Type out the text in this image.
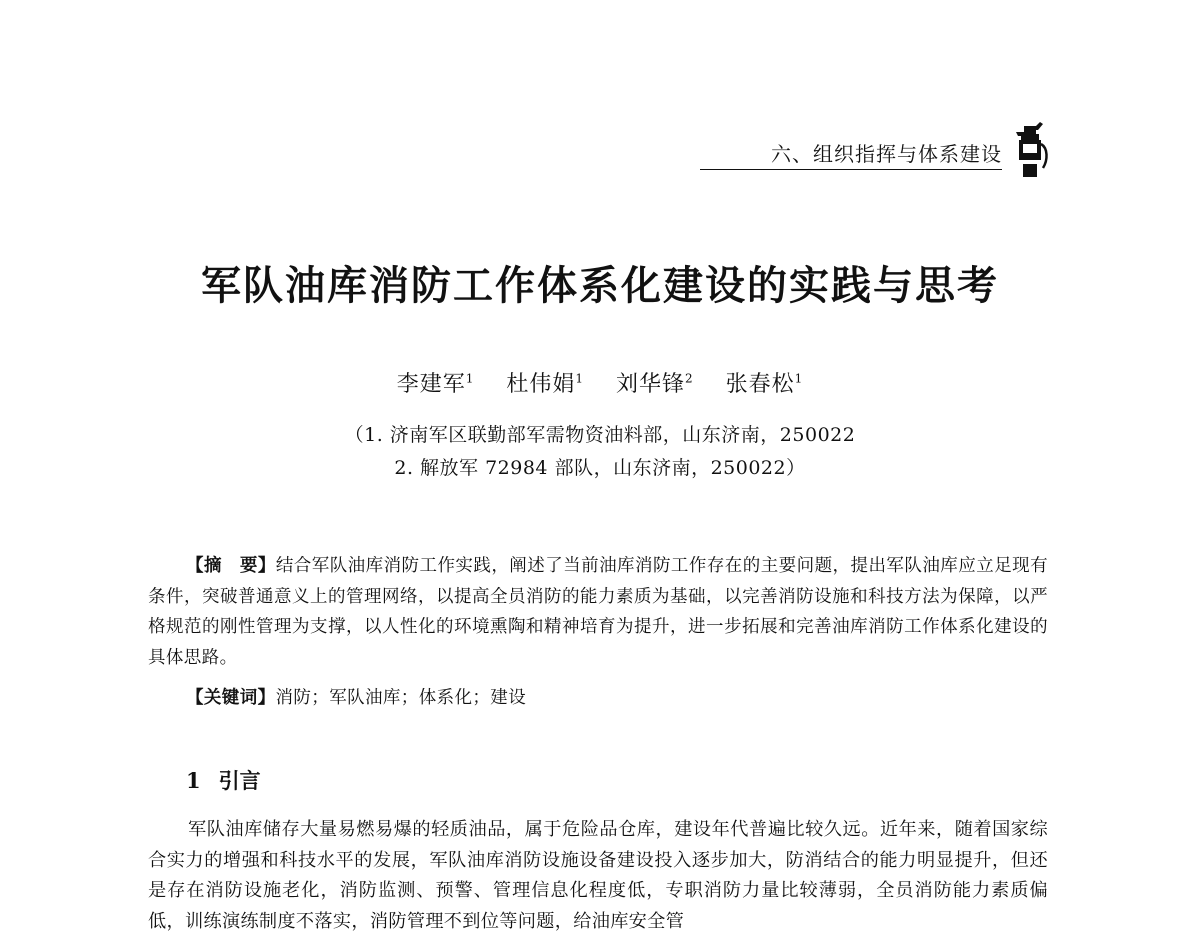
六、组织指挥与体系建设
军队油库消防工作体系化建设的实践与思考
李建军$^1$ 杜伟娟$^1$ 刘华锋$^2$ 张春松$^1$
（1. 济南军区联勤部军需物资油料部，山东济南，250022
2. 解放军 72984 部队，山东济南，250022）

【摘　要】结合军队油库消防工作实践，阐述了当前油库消防工作存在的主要问题，提出军队油库应立足现有条件，突破普通意义上的管理网络，以提高全员消防的能力素质为基础，以完善消防设施和科技方法为保障，以严格规范的刚性管理为支撑，以人性化的环境熏陶和精神培育为提升，进一步拓展和完善油库消防工作体系化建设的具体思路。

【关键词】消防；军队油库；体系化；建设
1 引言

军队油库储存大量易燃易爆的轻质油品，属于危险品仓库，建设年代普遍比较久远。近年来，随着国家综合实力的增强和科技水平的发展，军队油库消防设施设备建设投入逐步加大，防消结合的能力明显提升，但还是存在消防设施老化，消防监测、预警、管理信息化程度低，专职消防力量比较薄弱，全员消防能力素质偏低，训练演练制度不落实，消防管理不到位等问题，给油库安全管
